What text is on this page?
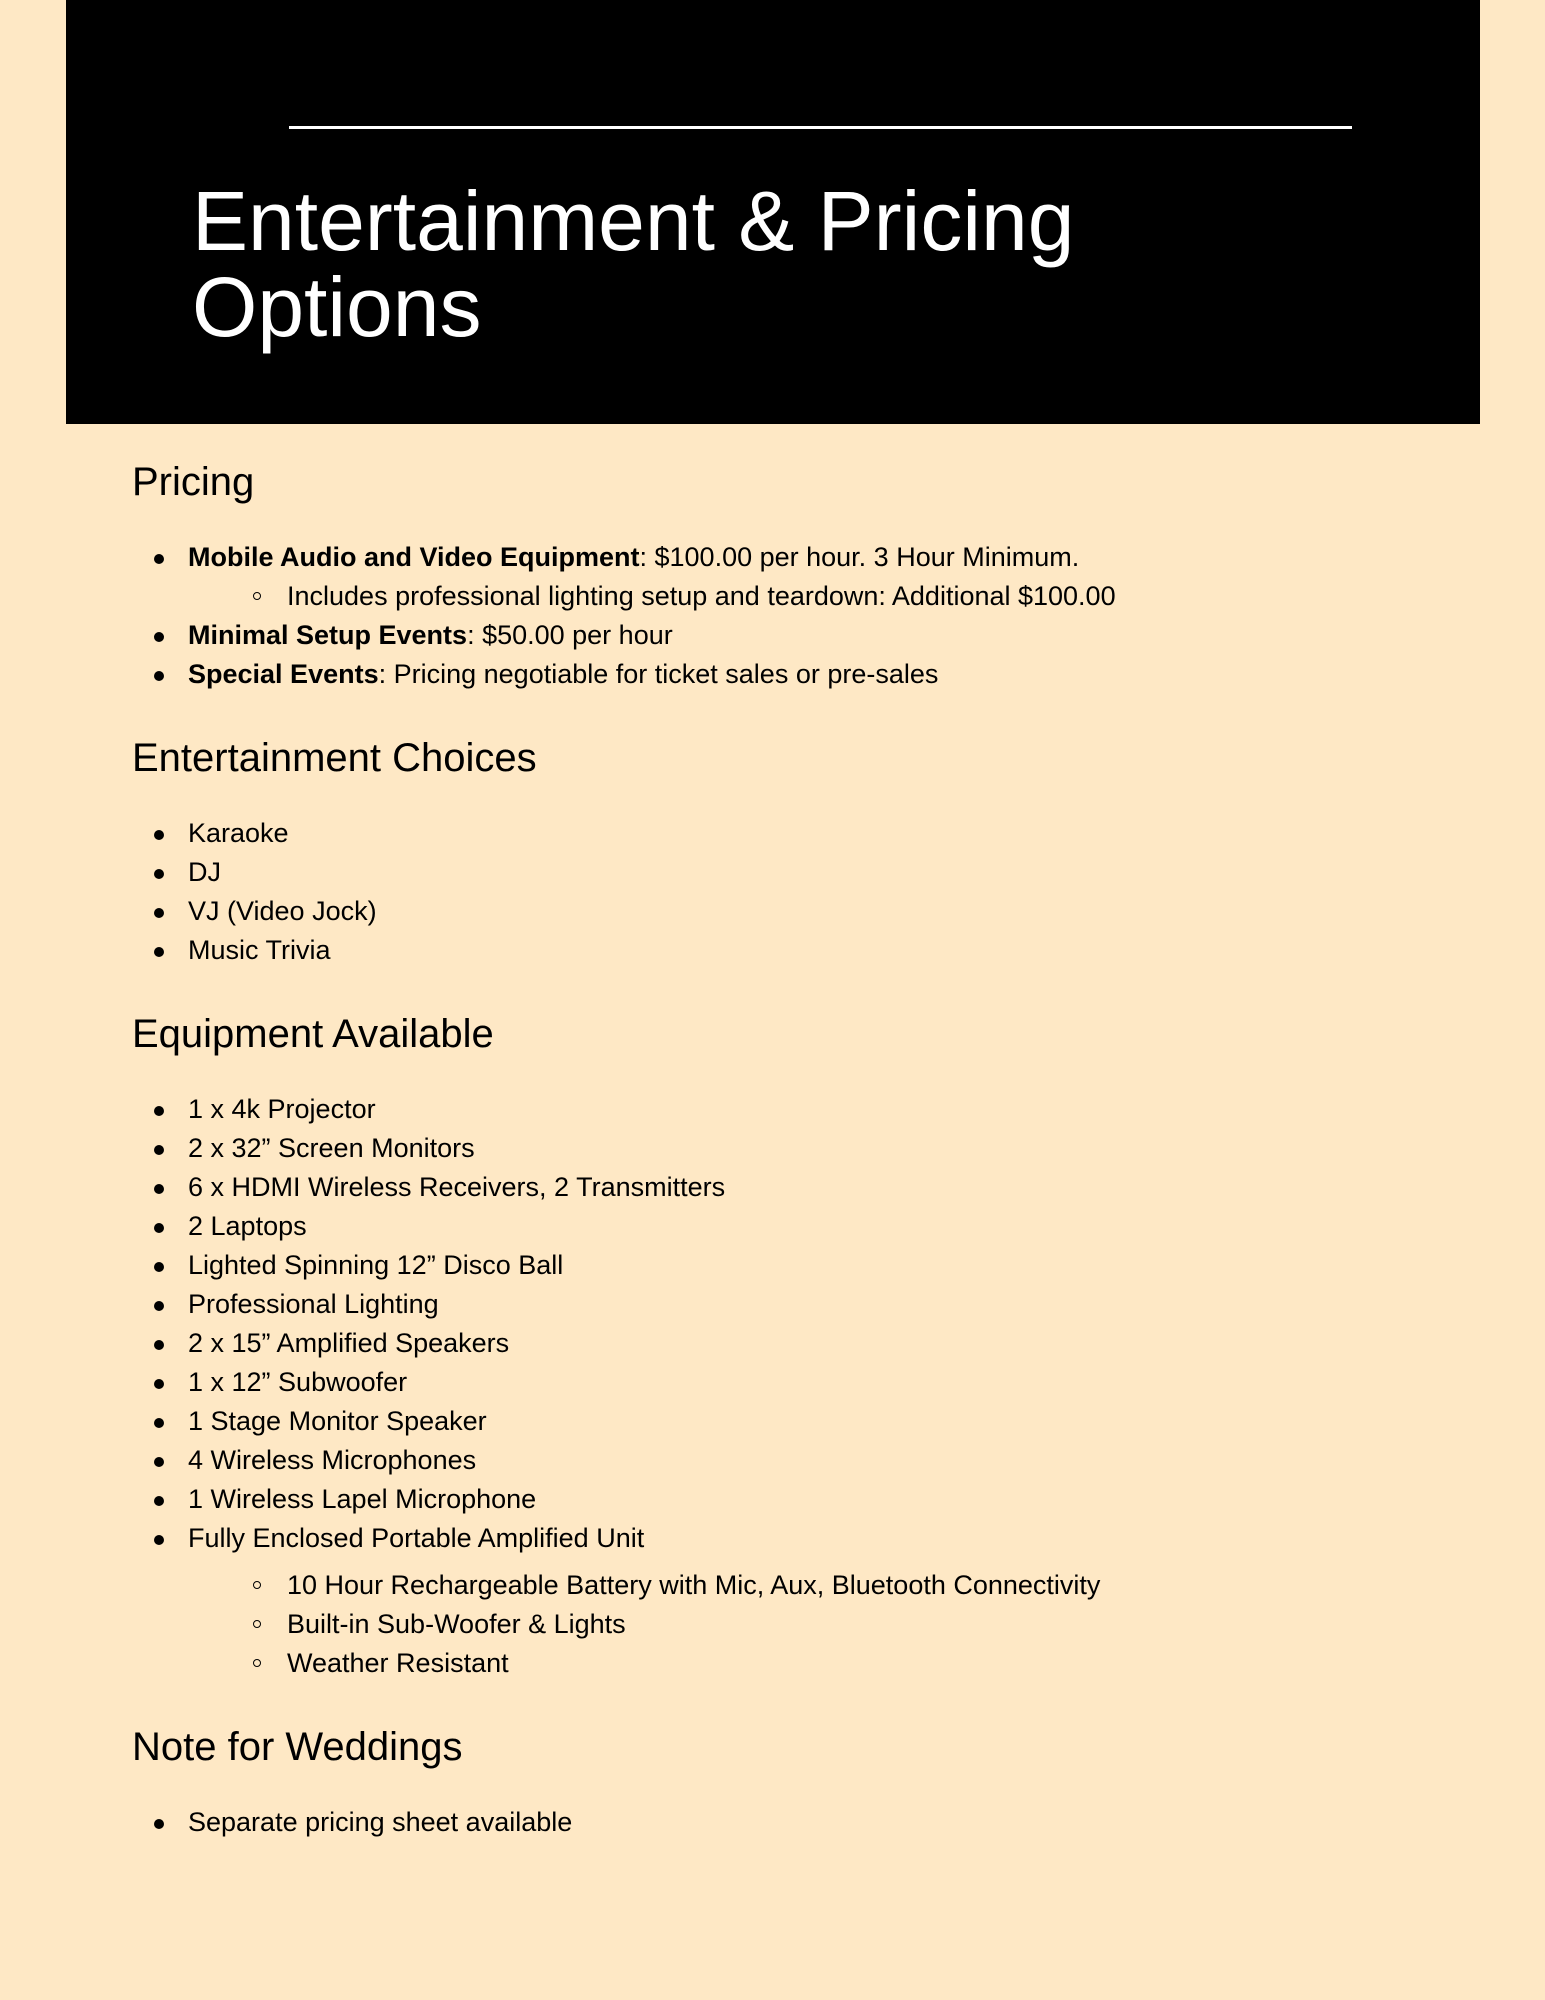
Entertainment & Pricing
Options
Pricing
Mobile Audio and Video Equipment: $100.00 per hour. 3 Hour Minimum.
Includes professional lighting setup and teardown: Additional $100.00
Minimal Setup Events: $50.00 per hour
Special Events: Pricing negotiable for ticket sales or pre-sales
Entertainment Choices
Karaoke
DJ
VJ (Video Jock)
Music Trivia
Equipment Available
1 x 4k Projector
2 x 32” Screen Monitors
6 x HDMI Wireless Receivers, 2 Transmitters
2 Laptops
Lighted Spinning 12” Disco Ball
Professional Lighting
2 x 15” Amplified Speakers
1 x 12” Subwoofer
1 Stage Monitor Speaker
4 Wireless Microphones
1 Wireless Lapel Microphone
Fully Enclosed Portable Amplified Unit
10 Hour Rechargeable Battery with Mic, Aux, Bluetooth Connectivity
Built-in Sub-Woofer & Lights
Weather Resistant
Note for Weddings
Separate pricing sheet available
